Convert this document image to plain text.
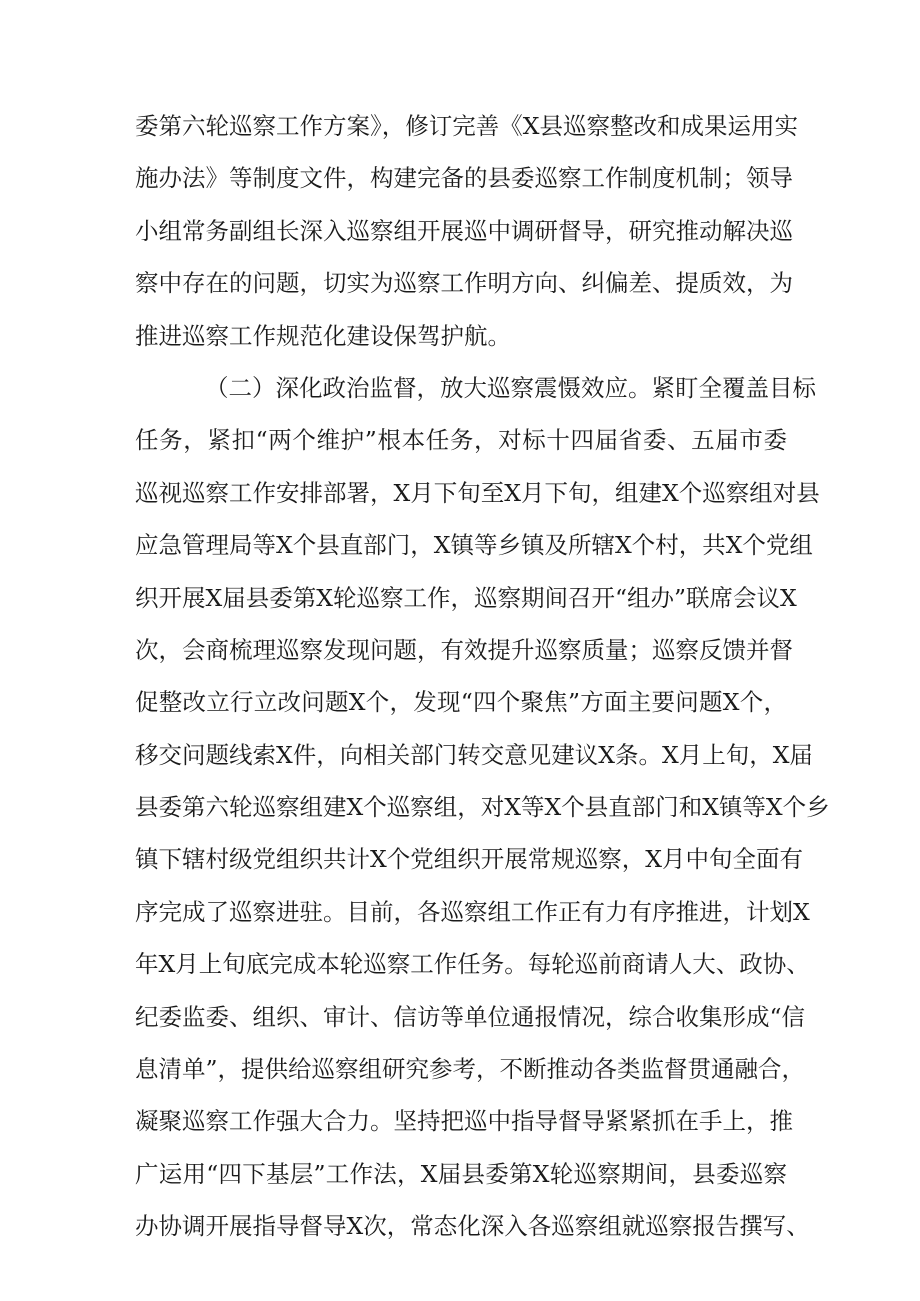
委第六轮巡察工作方案》，修订完善《X县巡察整改和成果运用实
施办法》等制度文件，构建完备的县委巡察工作制度机制；领导
小组常务副组长深入巡察组开展巡中调研督导，研究推动解决巡
察中存在的问题，切实为巡察工作明方向、纠偏差、提质效，为
推进巡察工作规范化建设保驾护航。
（二）深化政治监督，放大巡察震慑效应。紧盯全覆盖目标
任务，紧扣“两个维护”根本任务，对标十四届省委、五届市委
巡视巡察工作安排部署，X月下旬至X月下旬，组建X个巡察组对县
应急管理局等X个县直部门，X镇等乡镇及所辖X个村，共X个党组
织开展X届县委第X轮巡察工作，巡察期间召开“组办”联席会议X
次，会商梳理巡察发现问题，有效提升巡察质量；巡察反馈并督
促整改立行立改问题X个，发现“四个聚焦”方面主要问题X个，
移交问题线索X件，向相关部门转交意见建议X条。X月上旬，X届
县委第六轮巡察组建X个巡察组，对X等X个县直部门和X镇等X个乡
镇下辖村级党组织共计X个党组织开展常规巡察，X月中旬全面有
序完成了巡察进驻。目前，各巡察组工作正有力有序推进，计划X
年X月上旬底完成本轮巡察工作任务。每轮巡前商请人大、政协、
纪委监委、组织、审计、信访等单位通报情况，综合收集形成“信
息清单”，提供给巡察组研究参考，不断推动各类监督贯通融合，
凝聚巡察工作强大合力。坚持把巡中指导督导紧紧抓在手上，推
广运用“四下基层”工作法，X届县委第X轮巡察期间，县委巡察
办协调开展指导督导X次，常态化深入各巡察组就巡察报告撰写、
